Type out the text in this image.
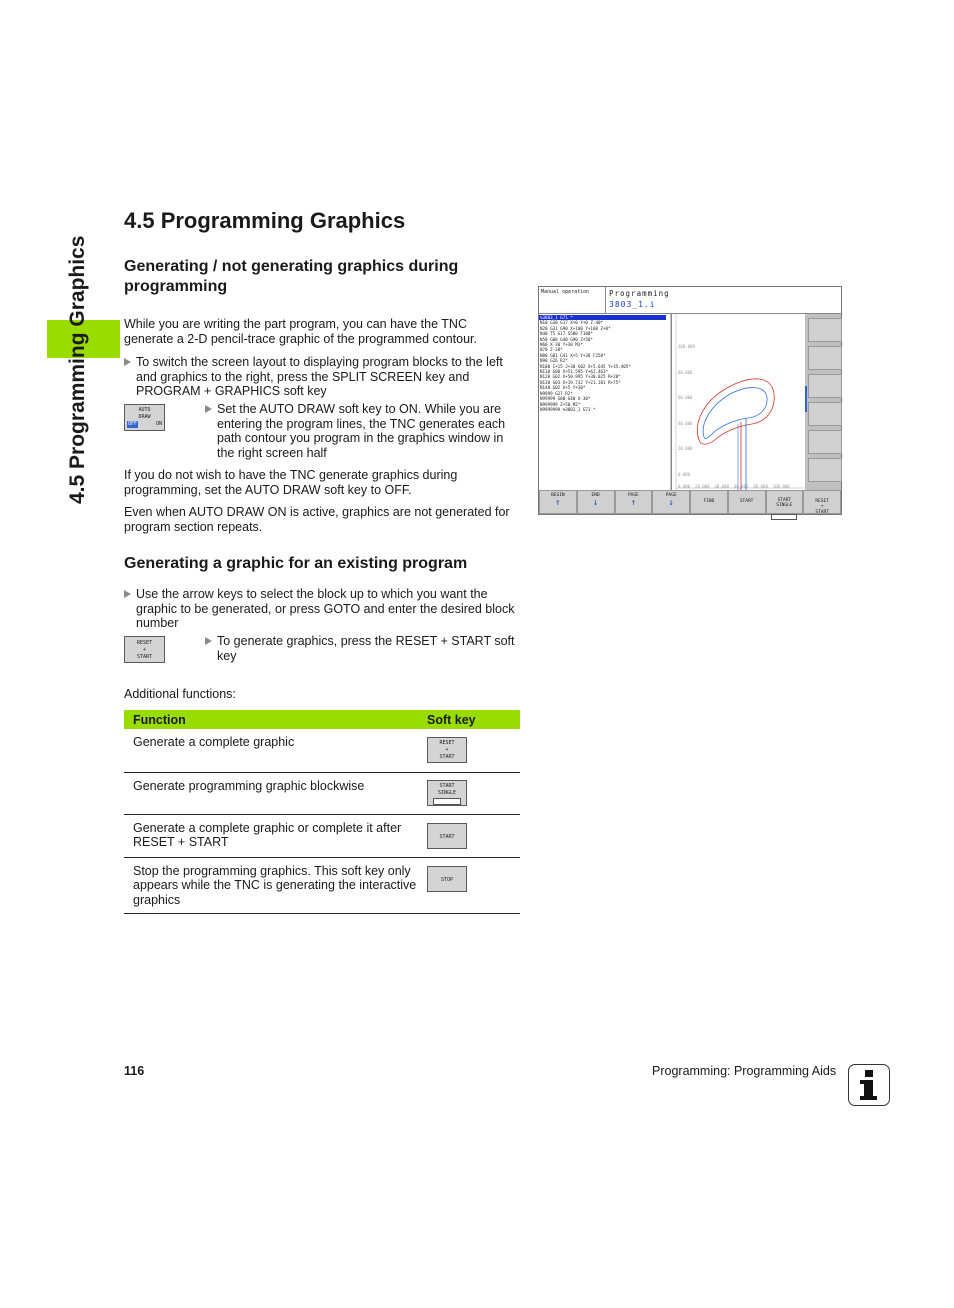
4.5 Programming Graphics
4.5 Programming Graphics
Generating / not generating graphics during programming

While you are writing the part program, you can have the TNC generate a 2-D pencil-trace graphic of the programmed contour.

To switch the screen layout to displaying program blocks to the left and graphics to the right, press the SPLIT SCREEN key and PROGRAM + GRAPHICS soft key
AUTO
DRAW
OFF	ON
Set the AUTO DRAW soft key to ON. While you are entering the program lines, the TNC generates each path contour you program in the graphics window in the right screen half

If you do not wish to have the TNC generate graphics during programming, set the AUTO DRAW soft key to OFF.

Even when AUTO DRAW ON is active, graphics are not generated for program section repeats.

Generating a graphic for an existing program
Use the arrow keys to select the block up to which you want the graphic to be generated, or press GOTO and enter the desired block number
RESET
+
START
To generate graphics, press the RESET + START soft key

Additional functions:

Function	Soft key
Generate a complete graphic	RESET
+
START

Generate programming graphic blockwise	START
SINGLE

Generate a complete graphic or complete it after RESET + START	START

Stop the programming graphics. This soft key only appears while the TNC is generating the interactive graphics	STOP
Manual operation	Programming
3803_1.i
%3803_1 G71 *
N10 G30 G17 X+0 Y+0 Z-40*
N20 G31 G90 X+100 Y+100 Z+0*
N40 T5 G17 S500 F100*
N50 G00 G40 G90 Z+50*
N60 X-30 Y+30 M3*
N70 Z-20*
N80 G01 G41 X+5 Y+30 F250*
N90 G26 R2*
N100 I+15 J+30 G02 X+5.645 Y+35.405*
N110 G00 X+51.595 Y+62.463*
N120 G02 X+50.995 Y+30.025 R+20*
N130 G03 X+19.732 Y+21.181 R+75*
N140 G02 X+5 Y+30*
N9999 G27 R2*
N99999 G00 G40 X-30*
N999999 Z+50 M2*
N9999999 %3803_1 G71 *
100.000
80.000
60.000
40.000
20.000
0.000
0.000 20.000 40.000 60.000 80.000 100.000
BEGIN
↑
END
↓
PAGE
↑
PAGE
↓	FIND	START	START
SINGLE

RESET
+
START

116	Programming: Programming Aids
